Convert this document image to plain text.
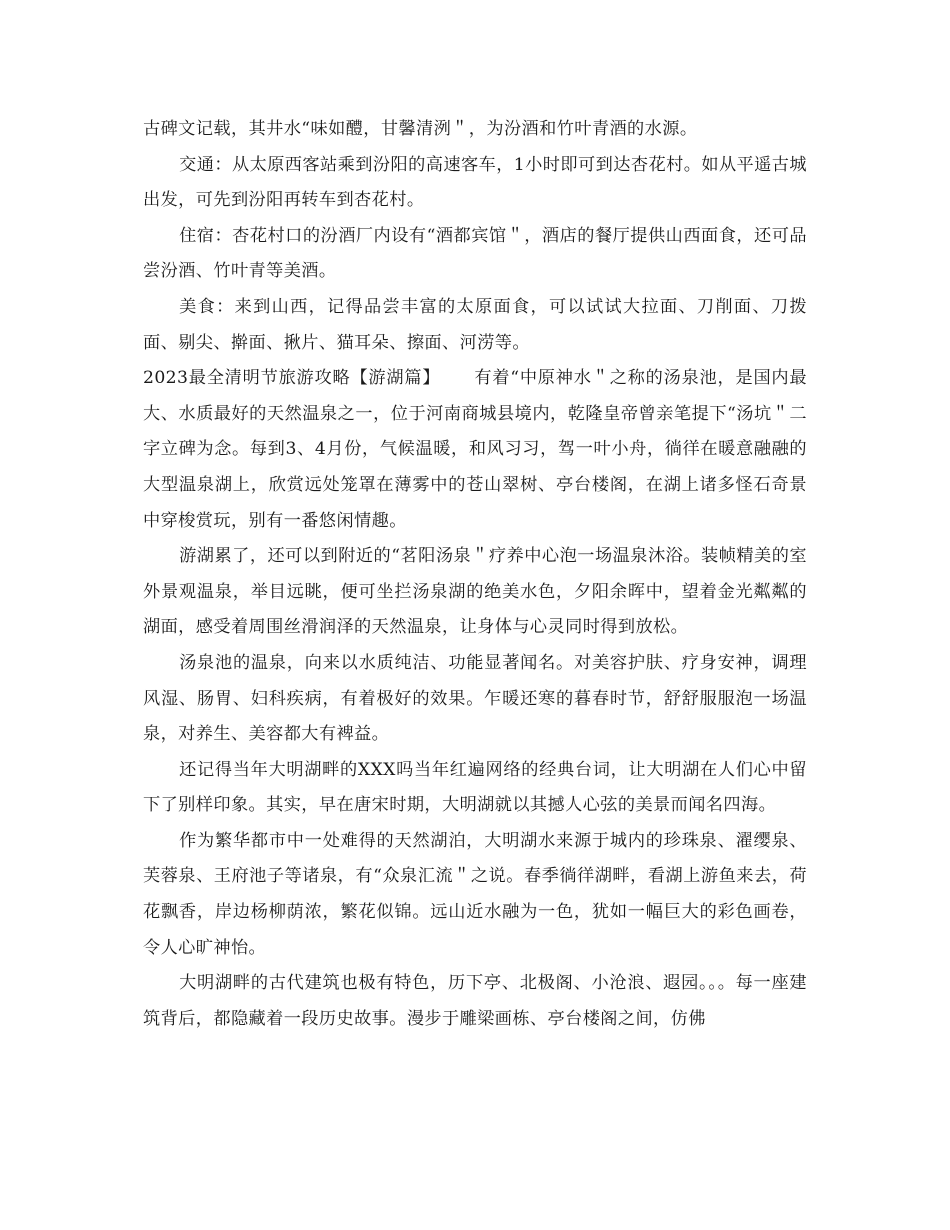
古碑文记载，其井水“味如醴，甘馨清洌＂，为汾酒和竹叶青酒的水源。

交通：从太原西客站乘到汾阳的高速客车，1小时即可到达杏花村。如从平遥古城出发，可先到汾阳再转车到杏花村。

住宿：杏花村口的汾酒厂内设有“酒都宾馆＂，酒店的餐厅提供山西面食，还可品尝汾酒、竹叶青等美酒。

美食：来到山西，记得品尝丰富的太原面食，可以试试大拉面、刀削面、刀拨面、剔尖、擀面、揪片、猫耳朵、擦面、河涝等。

2023最全清明节旅游攻略【游湖篇】 有着“中原神水＂之称的汤泉池，是国内最大、水质最好的天然温泉之一，位于河南商城县境内，乾隆皇帝曾亲笔提下“汤坑＂二字立碑为念。每到3、4月份，气候温暖，和风习习，驾一叶小舟，徜徉在暖意融融的大型温泉湖上，欣赏远处笼罩在薄雾中的苍山翠树、亭台楼阁，在湖上诸多怪石奇景中穿梭赏玩，别有一番悠闲情趣。

游湖累了，还可以到附近的“茗阳汤泉＂疗养中心泡一场温泉沐浴。装帧精美的室外景观温泉，举目远眺，便可坐拦汤泉湖的绝美水色，夕阳余晖中，望着金光粼粼的湖面，感受着周围丝滑润泽的天然温泉，让身体与心灵同时得到放松。

汤泉池的温泉，向来以水质纯洁、功能显著闻名。对美容护肤、疗身安神，调理风湿、肠胃、妇科疾病，有着极好的效果。乍暖还寒的暮春时节，舒舒服服泡一场温泉，对养生、美容都大有裨益。

还记得当年大明湖畔的XXX吗当年红遍网络的经典台词，让大明湖在人们心中留下了别样印象。其实，早在唐宋时期，大明湖就以其撼人心弦的美景而闻名四海。

作为繁华都市中一处难得的天然湖泊，大明湖水来源于城内的珍珠泉、濯缨泉、芙蓉泉、王府池子等诸泉，有“众泉汇流＂之说。春季徜徉湖畔，看湖上游鱼来去，荷花飘香，岸边杨柳荫浓，繁花似锦。远山近水融为一色，犹如一幅巨大的彩色画卷，令人心旷神怡。

大明湖畔的古代建筑也极有特色，历下亭、北极阁、小沧浪、遐园。。。每一座建筑背后，都隐藏着一段历史故事。漫步于雕梁画栋、亭台楼阁之间，仿佛
